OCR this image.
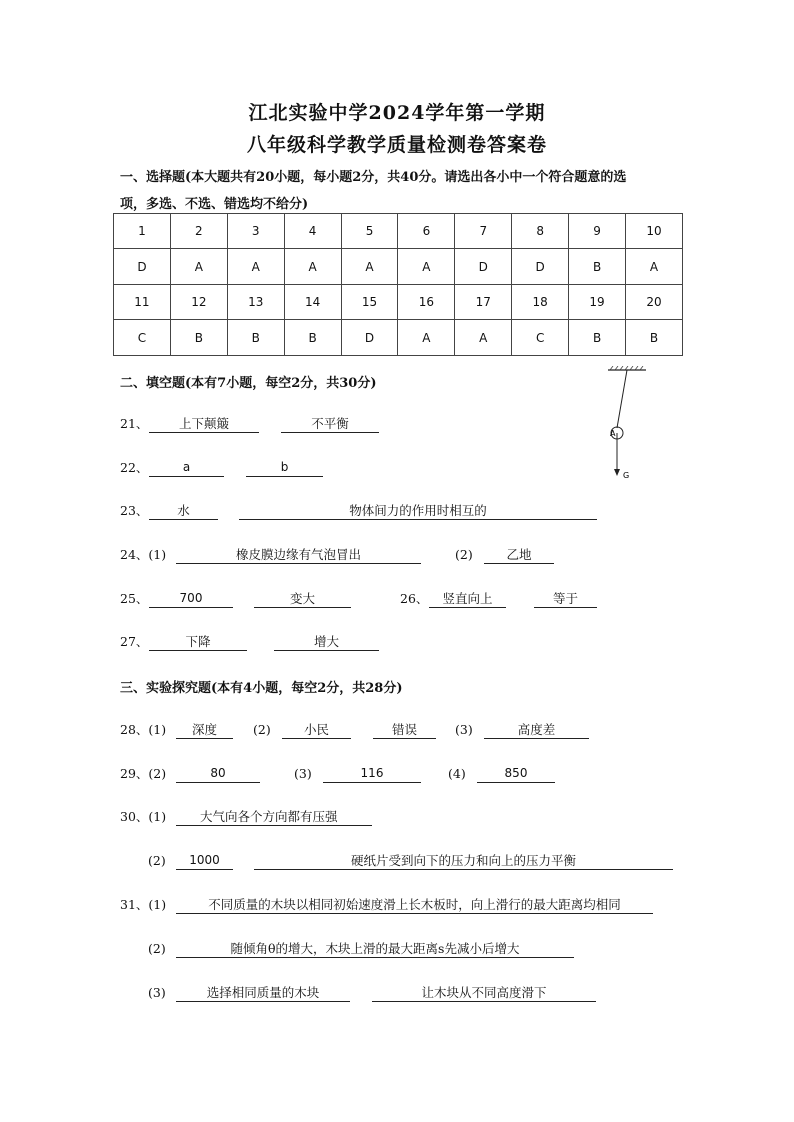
江北实验中学2024学年第一学期
八年级科学教学质量检测卷答案卷
一、选择题(本大题共有20小题，每小题2分，共40分。请选出各小中一个符合题意的选
项，多选、不选、错选均不给分)
1	2	3	4	5	6	7	8	9	10
D	A	A	A	A	A	D	D	B	A
11	12	13	14	15	16	17	18	19	20
C	B	B	B	D	A	A	C	B	B
二、填空题(本有7小题，每空2分，共30分)
21、	上下颠簸	不平衡
22、	a	b
23、	水	物体间力的作用时相互的
24、(1)	橡皮膜边缘有气泡冒出	(2)	乙地
25、	700	变大	26、	竖直向上	等于
27、	下降	增大
A
G
三、实验探究题(本有4小题，每空2分，共28分)
28、(1)	深度	(2)	小民	错误	(3)	高度差
29、(2)	80	(3)	116	(4)	850
30、(1)	大气向各个方向都有压强
(2)	1000	硬纸片受到向下的压力和向上的压力平衡
31、(1)	不同质量的木块以相同初始速度滑上长木板时，向上滑行的最大距离均相同
(2)	随倾角θ的增大，木块上滑的最大距离s先减小后增大
(3)	选择相同质量的木块	让木块从不同高度滑下
